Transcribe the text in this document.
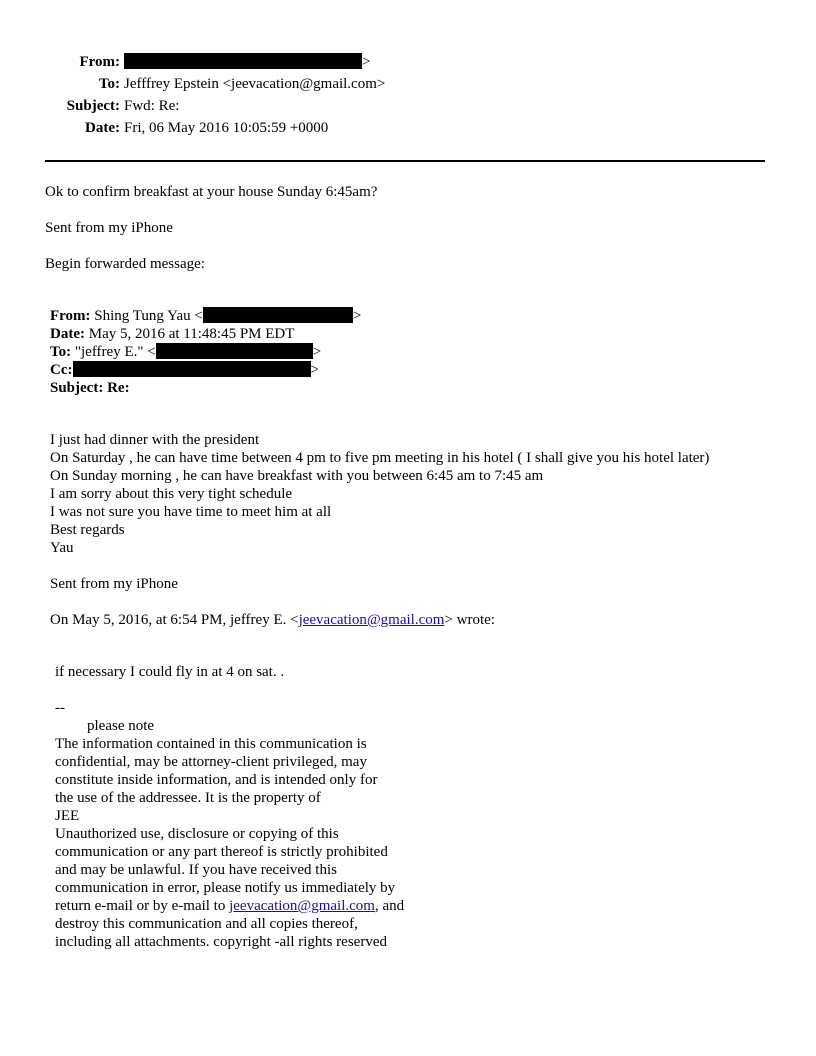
From:	>
To: Jefffrey Epstein <jeevacation@gmail.com>
Subject: Fwd: Re:
Date: Fri, 06 May 2016 10:05:59 +0000
Ok to confirm breakfast at your house Sunday 6:45am?
Sent from my iPhone
Begin forwarded message:
From: Shing Tung Yau <	>
Date: May 5, 2016 at 11:48:45 PM EDT
To: "jeffrey E." <	>
Cc:	>
Subject: Re:
I just had dinner with the president
On Saturday , he can have time between 4 pm to five pm meeting in his hotel ( I shall give you his hotel later)
On Sunday morning , he can have breakfast with you between 6:45 am to 7:45 am
I am sorry about this very tight schedule
I was not sure you have time to meet him at all
Best regards
Yau
Sent from my iPhone
On May 5, 2016, at 6:54 PM, jeffrey E. <jeevacation@gmail.com> wrote:
if necessary I could fly in at 4 on sat. .
--
please note
The information contained in this communication is
confidential, may be attorney-client privileged, may
constitute inside information, and is intended only for
the use of the addressee. It is the property of
JEE
Unauthorized use, disclosure or copying of this
communication or any part thereof is strictly prohibited
and may be unlawful. If you have received this
communication in error, please notify us immediately by
return e-mail or by e-mail to jeevacation@gmail.com, and
destroy this communication and all copies thereof,
including all attachments. copyright -all rights reserved
